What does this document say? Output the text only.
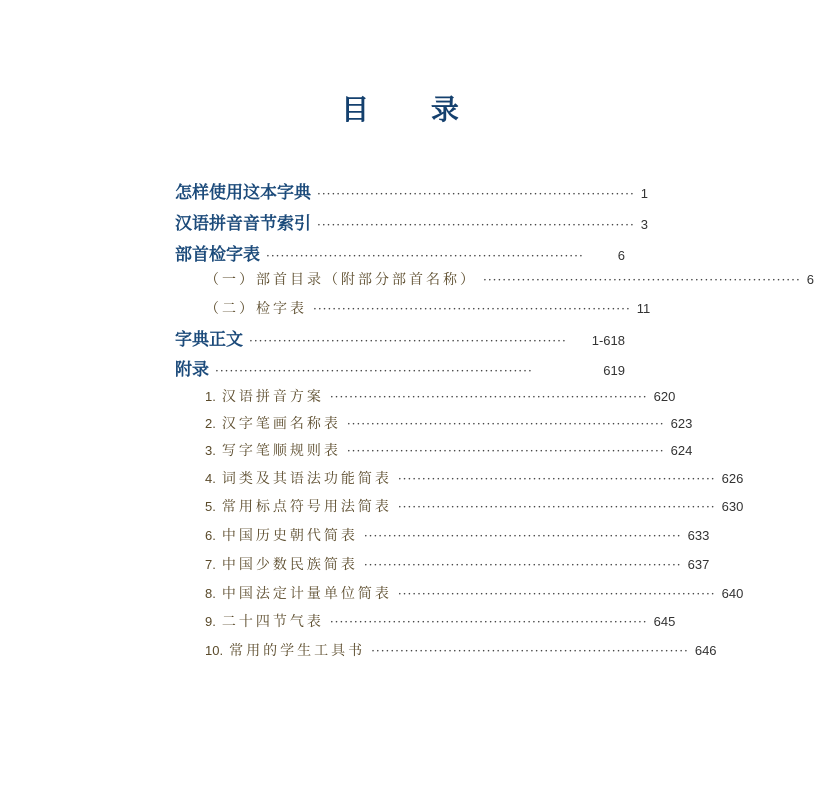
目 录
怎样使用这本字典 ·································································· 1
汉语拼音音节索引 ·································································· 3
部首检字表 ··································································	6
（一）部首目录（附部分部首名称） ·································································· 6
（二）检字表 ·································································· 11
字典正文 ··································································	1-618
附录 ··································································	619
1. 汉语拼音方案 ·································································· 620
2. 汉字笔画名称表 ·································································· 623
3. 写字笔顺规则表 ·································································· 624
4. 词类及其语法功能简表 ·································································· 626
5. 常用标点符号用法简表 ·································································· 630
6. 中国历史朝代简表 ·································································· 633
7. 中国少数民族简表 ·································································· 637
8. 中国法定计量单位简表 ·································································· 640
9. 二十四节气表 ·································································· 645
10. 常用的学生工具书 ·································································· 646
